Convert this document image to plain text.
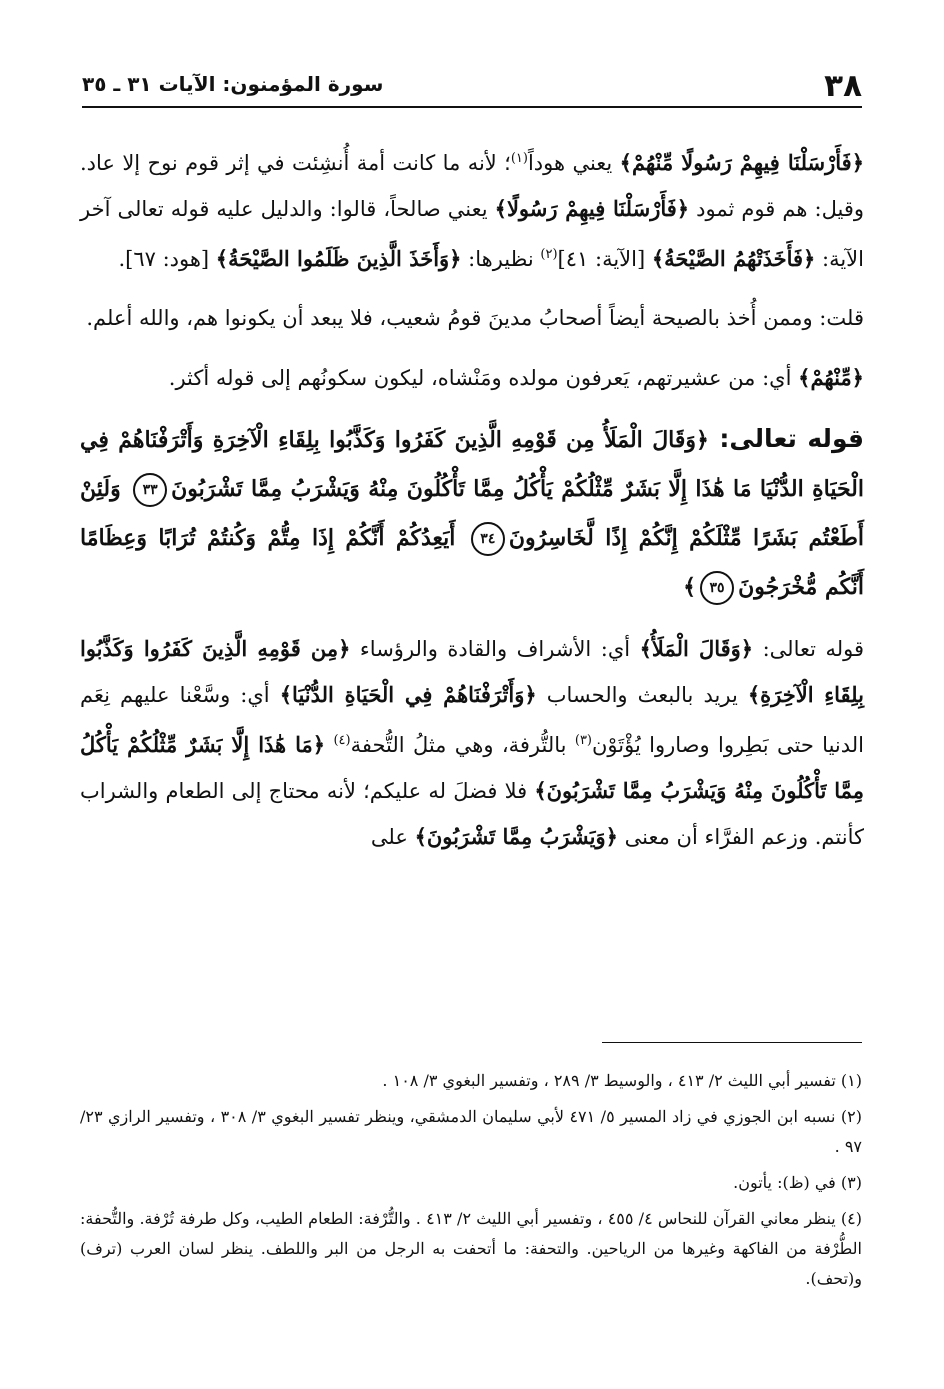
٣٨
سورة المؤمنون: الآيات ٣١ ـ ٣٥

﴿فَأَرْسَلْنَا فِيهِمْ رَسُولًا مِّنْهُمْ﴾ يعني هوداً$^{(١)}$؛ لأنه ما كانت أمة أُنشِئت في إثر قوم نوح إلا عاد. وقيل: هم قوم ثمود ﴿فَأَرْسَلْنَا فِيهِمْ رَسُولًا﴾ يعني صالحاً، قالوا: والدليل عليه قوله تعالى آخر الآية: ﴿فَأَخَذَتْهُمُ الصَّيْحَةُ﴾ [الآية: ٤١]$^{(٢)}$ نظيرها: ﴿وَأَخَذَ الَّذِينَ ظَلَمُوا الصَّيْحَةُ﴾ [هود: ٦٧].

قلت: وممن أُخذ بالصيحة أيضاً أصحابُ مدينَ قومُ شعيب، فلا يبعد أن يكونوا هم، والله أعلم.

﴿مِّنْهُمْ﴾ أي: من عشيرتهم، يَعرفون مولده ومَنْشاه، ليكون سكونُهم إلى قوله أكثر.

قوله تعالى: ﴿وَقَالَ الْمَلَأُ مِن قَوْمِهِ الَّذِينَ كَفَرُوا وَكَذَّبُوا بِلِقَاءِ الْآخِرَةِ وَأَتْرَفْنَاهُمْ فِي الْحَيَاةِ الدُّنْيَا مَا هَٰذَا إِلَّا بَشَرٌ مِّثْلُكُمْ يَأْكُلُ مِمَّا تَأْكُلُونَ مِنْهُ وَيَشْرَبُ مِمَّا تَشْرَبُونَ٣٣ وَلَئِنْ أَطَعْتُم بَشَرًا مِّثْلَكُمْ إِنَّكُمْ إِذًا لَّخَاسِرُونَ٣٤ أَيَعِدُكُمْ أَنَّكُمْ إِذَا مِتُّمْ وَكُنتُمْ تُرَابًا وَعِظَامًا أَنَّكُم مُّخْرَجُونَ٣٥﴾

قوله تعالى: ﴿وَقَالَ الْمَلَأُ﴾ أي: الأشراف والقادة والرؤساء ﴿مِن قَوْمِهِ الَّذِينَ كَفَرُوا وَكَذَّبُوا بِلِقَاءِ الْآخِرَةِ﴾ يريد بالبعث والحساب ﴿وَأَتْرَفْنَاهُمْ فِي الْحَيَاةِ الدُّنْيَا﴾ أي: وسَّعْنا عليهم نِعَم الدنيا حتى بَطِروا وصاروا يُؤْتَوْن$^{(٣)}$ بالتُّرفة، وهي مثلُ التُّحفة$^{(٤)}$ ﴿مَا هَٰذَا إِلَّا بَشَرٌ مِّثْلُكُمْ يَأْكُلُ مِمَّا تَأْكُلُونَ مِنْهُ وَيَشْرَبُ مِمَّا تَشْرَبُونَ﴾ فلا فضلَ له عليكم؛ لأنه محتاج إلى الطعام والشراب كأنتم. وزعم الفرَّاء أن معنى ﴿وَيَشْرَبُ مِمَّا تَشْرَبُونَ﴾ على

(١) تفسير أبي الليث ٢/ ٤١٣ ، والوسيط ٣/ ٢٨٩ ، وتفسير البغوي ٣/ ١٠٨ .

(٢) نسبه ابن الجوزي في زاد المسير ٥/ ٤٧١ لأبي سليمان الدمشقي، وينظر تفسير البغوي ٣/ ٣٠٨ ، وتفسير الرازي ٢٣/ ٩٧ .

(٣) في (ظ): يأتون.

(٤) ينظر معاني القرآن للنحاس ٤/ ٤٥٥ ، وتفسير أبي الليث ٢/ ٤١٣ . والتُّرْفة: الطعام الطيب، وكل طرفة تُرْفة. والتُّحفة: الطُّرْفة من الفاكهة وغيرها من الرياحين. والتحفة: ما أتحفت به الرجل من البر واللطف. ينظر لسان العرب (ترف) و(تحف).
